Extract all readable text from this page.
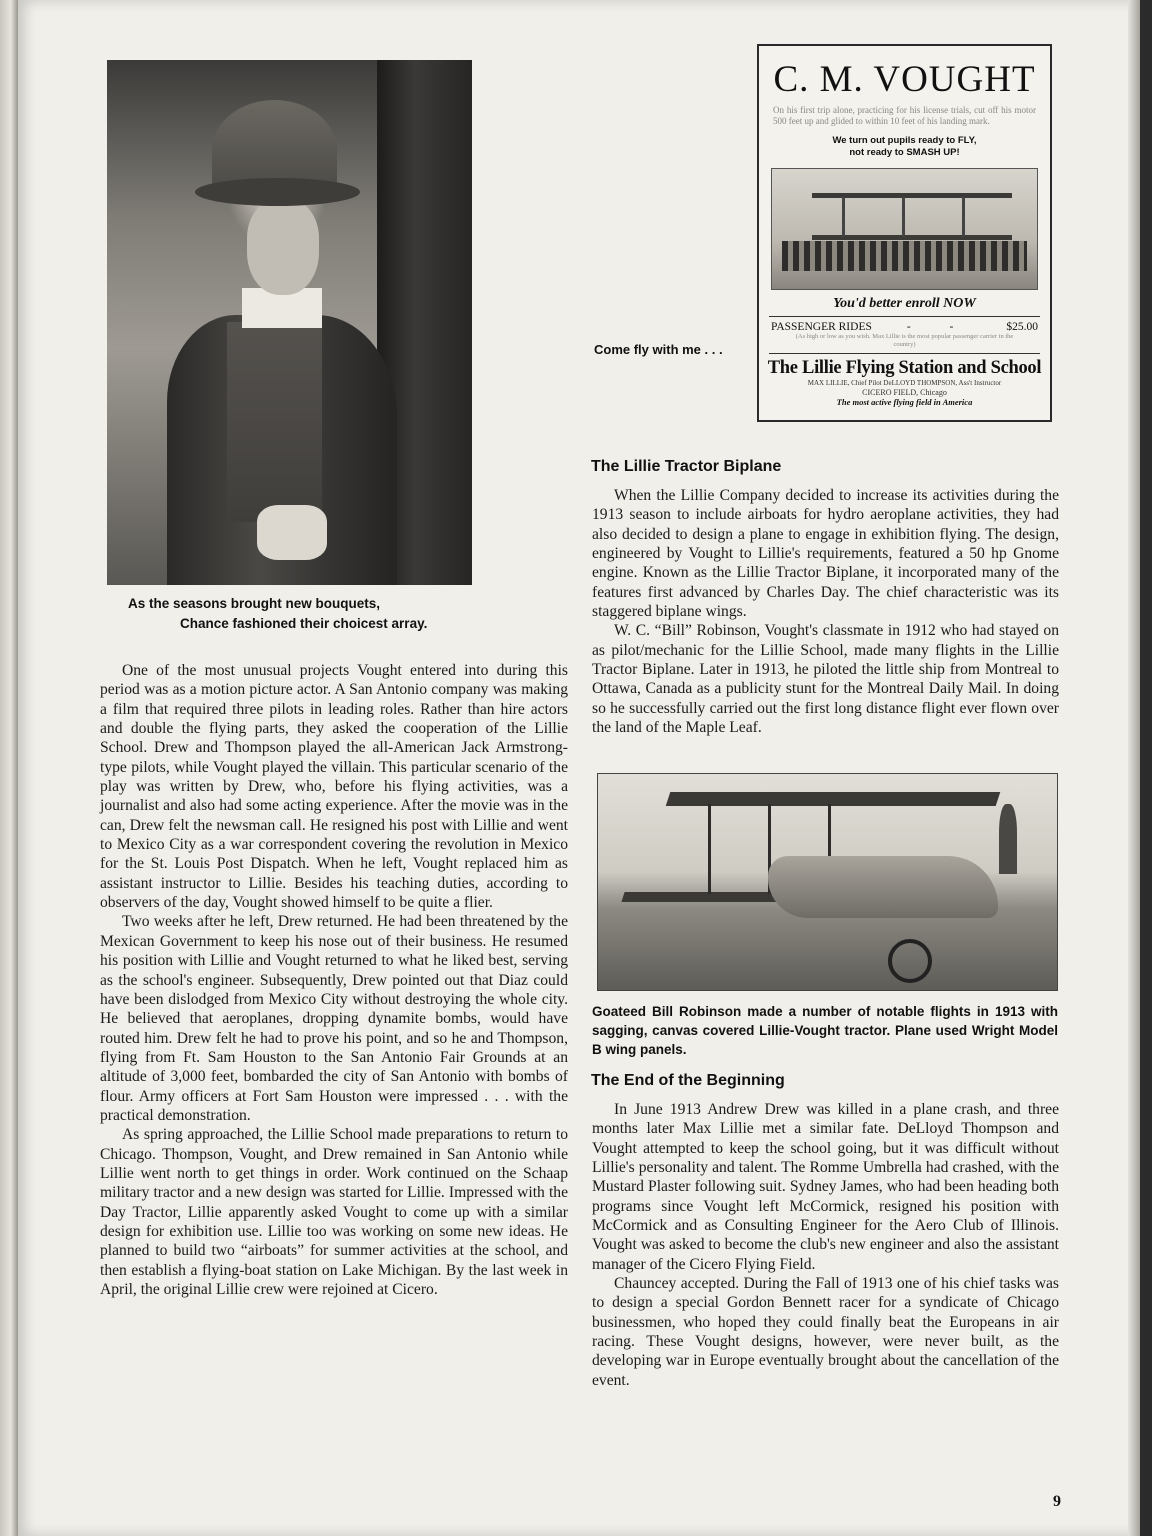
As the seasons brought new bouquets,
Chance fashioned their choicest array.

One of the most unusual projects Vought entered into during this period was as a motion picture actor. A San Antonio company was making a film that required three pilots in leading roles. Rather than hire actors and double the flying parts, they asked the cooperation of the Lillie School. Drew and Thompson played the all-American Jack Armstrong-type pilots, while Vought played the villain. This particular scenario of the play was written by Drew, who, before his flying activities, was a journalist and also had some acting experience. After the movie was in the can, Drew felt the newsman call. He resigned his post with Lillie and went to Mexico City as a war correspondent covering the revolution in Mexico for the St. Louis Post Dispatch. When he left, Vought replaced him as assistant instructor to Lillie. Besides his teaching duties, according to observers of the day, Vought showed himself to be quite a flier.

Two weeks after he left, Drew returned. He had been threatened by the Mexican Government to keep his nose out of their business. He resumed his position with Lillie and Vought returned to what he liked best, serving as the school's engineer. Subsequently, Drew pointed out that Diaz could have been dislodged from Mexico City without destroying the whole city. He believed that aeroplanes, dropping dynamite bombs, would have routed him. Drew felt he had to prove his point, and so he and Thompson, flying from Ft. Sam Houston to the San Antonio Fair Grounds at an altitude of 3,000 feet, bombarded the city of San Antonio with bombs of flour. Army officers at Fort Sam Houston were impressed . . . with the practical demonstration.

As spring approached, the Lillie School made preparations to return to Chicago. Thompson, Vought, and Drew remained in San Antonio while Lillie went north to get things in order. Work continued on the Schaap military tractor and a new design was started for Lillie. Impressed with the Day Tractor, Lillie apparently asked Vought to come up with a similar design for exhibition use. Lillie too was working on some new ideas. He planned to build two “airboats” for summer activities at the school, and then establish a flying-boat station on Lake Michigan. By the last week in April, the original Lillie crew were rejoined at Cicero.

C. M. VOUGHT
On his first trip alone, practicing for his license trials, cut off his motor 500 feet up and glided to within 10 feet of his landing mark.
We turn out pupils ready to FLY,
not ready to SMASH UP!
You'd better enroll NOW
PASSENGER RIDES	- -	$25.00
(As high or low as you wish. Max Lillie is the most popular passenger carrier in the country)
The Lillie Flying Station and School
MAX LILLIE, Chief Pilot DeLLOYD THOMPSON, Ass't Instructor
CICERO FIELD, Chicago
The most active flying field in America
Come fly with me . . .
The Lillie Tractor Biplane

When the Lillie Company decided to increase its activities during the 1913 season to include airboats for hydro aeroplane activities, they had also decided to design a plane to engage in exhibition flying. The design, engineered by Vought to Lillie's requirements, featured a 50 hp Gnome engine. Known as the Lillie Tractor Biplane, it incorporated many of the features first advanced by Charles Day. The chief characteristic was its staggered biplane wings.

W. C. “Bill” Robinson, Vought's classmate in 1912 who had stayed on as pilot/mechanic for the Lillie School, made many flights in the Lillie Tractor Biplane. Later in 1913, he piloted the little ship from Montreal to Ottawa, Canada as a publicity stunt for the Montreal Daily Mail. In doing so he successfully carried out the first long distance flight ever flown over the land of the Maple Leaf.

Goateed Bill Robinson made a number of notable flights in 1913 with sagging, canvas covered Lillie-Vought tractor. Plane used Wright Model B wing panels.
The End of the Beginning

In June 1913 Andrew Drew was killed in a plane crash, and three months later Max Lillie met a similar fate. DeLloyd Thompson and Vought attempted to keep the school going, but it was difficult without Lillie's personality and talent. The Romme Umbrella had crashed, with the Mustard Plaster following suit. Sydney James, who had been heading both programs since Vought left McCormick, resigned his position with McCormick and as Consulting Engineer for the Aero Club of Illinois. Vought was asked to become the club's new engineer and also the assistant manager of the Cicero Flying Field.

Chauncey accepted. During the Fall of 1913 one of his chief tasks was to design a special Gordon Bennett racer for a syndicate of Chicago businessmen, who hoped they could finally beat the Europeans in air racing. These Vought designs, however, were never built, as the developing war in Europe eventually brought about the cancellation of the event.

9
